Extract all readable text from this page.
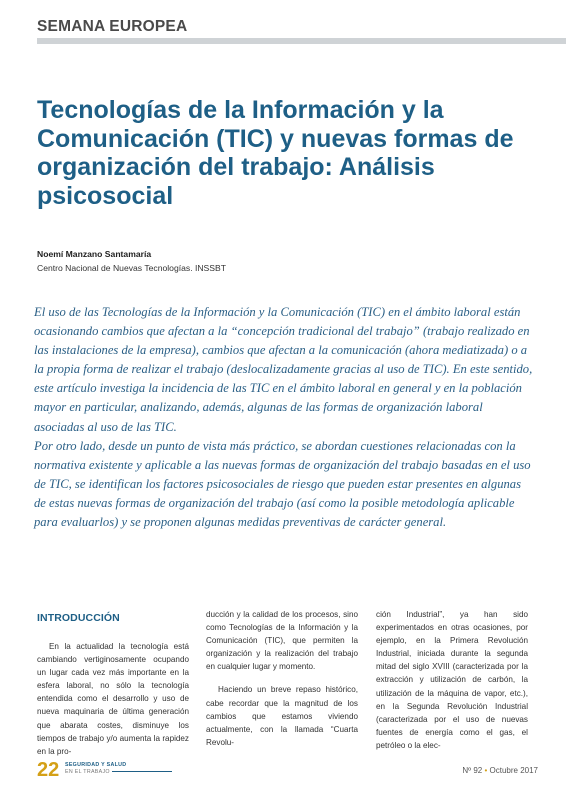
SEMANA EUROPEA
Tecnologías de la Información y la Comunicación (TIC) y nuevas formas de organización del trabajo: Análisis psicosocial
Noemí Manzano Santamaría
Centro Nacional de Nuevas Tecnologías. INSSBT

El uso de las Tecnologías de la Información y la Comunicación (TIC) en el ámbito laboral están ocasionando cambios que afectan a la “concepción tradicional del trabajo” (trabajo realizado en las instalaciones de la empresa), cambios que afectan a la comunicación (ahora mediatizada) o a la propia forma de realizar el trabajo (deslocalizadamente gracias al uso de TIC). En este sentido, este artículo investiga la incidencia de las TIC en el ámbito laboral en general y en la población mayor en particular, analizando, además, algunas de las formas de organización laboral asociadas al uso de las TIC.

Por otro lado, desde un punto de vista más práctico, se abordan cuestiones relacionadas con la normativa existente y aplicable a las nuevas formas de organización del trabajo basadas en el uso de TIC, se identifican los factores psicosociales de riesgo que pueden estar presentes en algunas de estas nuevas formas de organización del trabajo (así como la posible metodología aplicable para evaluarlos) y se proponen algunas medidas preventivas de carácter general.

INTRODUCCIÓN

En la actualidad la tecnología está cambiando vertiginosamente ocupando un lugar cada vez más importante en la esfera laboral, no sólo la tecnología entendida como el desarrollo y uso de nueva maquinaria de última generación que abarata costes, disminuye los tiempos de trabajo y/o aumenta la rapidez en la pro-

ducción y la calidad de los procesos, sino como Tecnologías de la Información y la Comunicación (TIC), que permiten la organización y la realización del trabajo en cualquier lugar y momento.

Haciendo un breve repaso histórico, cabe recordar que la magnitud de los cambios que estamos viviendo actualmente, con la llamada “Cuarta Revolu-

ción Industrial”, ya han sido experimentados en otras ocasiones, por ejemplo, en la Primera Revolución Industrial, iniciada durante la segunda mitad del siglo XVIII (caracterizada por la extracción y utilización de carbón, la utilización de la máquina de vapor, etc.), en la Segunda Revolución Industrial (caracterizada por el uso de nuevas fuentes de energía como el gas, el petróleo o la elec-

22 SEGURIDAD Y SALUD
EN EL TRABAJO	Nº 92 • Octubre 2017
